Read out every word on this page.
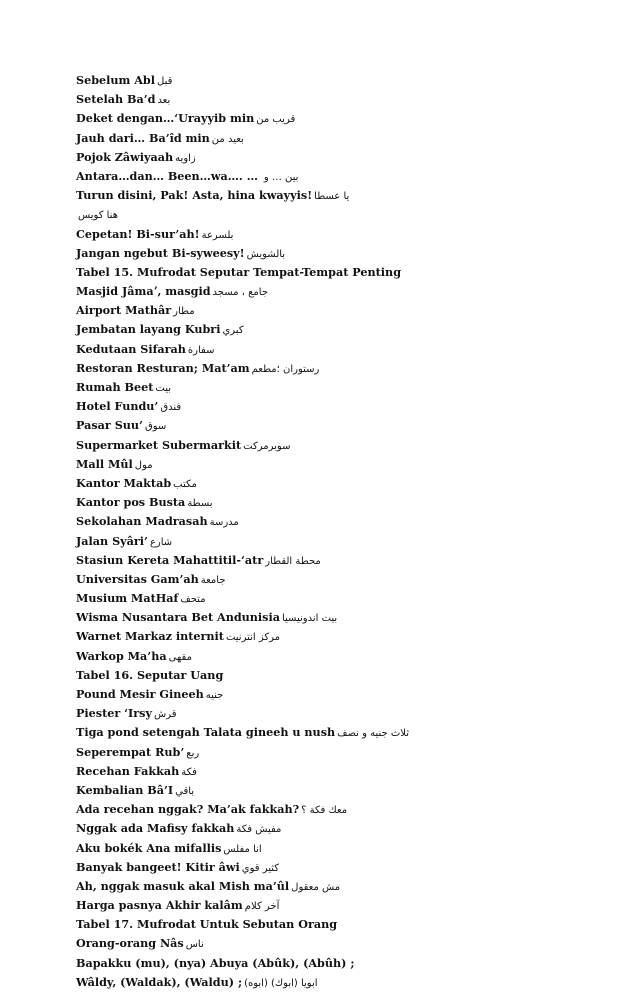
Sebelum Abl قبل
Setelah Ba’d بعد
Deket dengan…‘Urayyib min قريب من
Jauh dari… Ba’îd min بعيد من
Pojok Zâwiyaah زاويه
Antara…dan… Been…wa…. … بين … و
Turun disini, Pak! Asta, hina kwayyis! يا عسطا
هنا كويس
Cepetan! Bi-sur’ah! بلسرعة
Jangan ngebut Bi-syweesy! بالشويش
Tabel 15. Mufrodat Seputar Tempat-Tempat Penting
Masjid Jâmaʼ, masgid جامع ، مسجد
Airport Mathâr مطار
Jembatan layang Kubri كبري
Kedutaan Sifarah سفارة
Restoran Resturan; Mat’am رستوران ؛مطعم
Rumah Beet بيت
Hotel Fundu’ فندق
Pasar Suu’ سوق
Supermarket Subermarkit سوبرمركت
Mall Mûl مول
Kantor Maktab مكتب
Kantor pos Busta بسطة
Sekolahan Madrasah مدرسة
Jalan Syâri’ شارع
Stasiun Kereta Mahattitil-‘atr محطة القطار
Universitas Gam’ah جامعة
Musium MatHaf متحف
Wisma Nusantara Bet Andunisia بيت اندونيسيا
Warnet Markaz internit مركز انترنيت
Warkop Ma’ha مقهى
Tabel 16. Seputar Uang
Pound Mesir Gineeh جنيه
Piester ‘Irsy قرش
Tiga pond setengah Talata gineeh u nush ثلاث جنيه و نصف
Seperempat Rub’ ربع
Recehan Fakkah فكة
Kembalian Bâ’I باقي
Ada recehan nggak? Ma’ak fakkah? معك فكة ؟
Nggak ada Mafisy fakkah مفيش فكة
Aku bokék Ana mifallis انا مفلس
Banyak bangeet! Kitir âwi كثير قوي
Ah, nggak masuk akal Mish ma’ûl مش معقول
Harga pasnya Akhir kalâm آخر كلام
Tabel 17. Mufrodat Untuk Sebutan Orang
Orang-orang Nâs ناس
Bapakku (mu), (nya) Abuya (Abûk), (Abûh) ;
Wâldy, (Waldak), (Waldu) ; ابويا (ابوك) (ابوه)
